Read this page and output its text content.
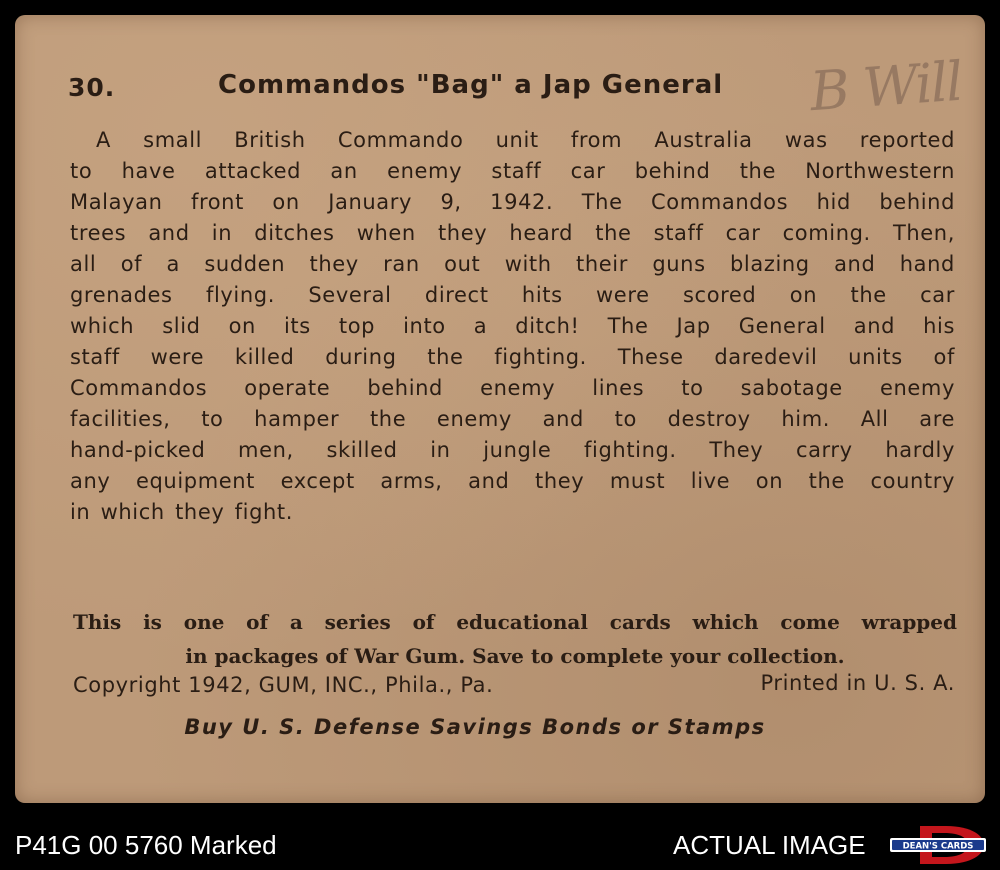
30.	Commandos "Bag" a Jap General B Will

A small British Commando unit from Australia was reported
to have attacked an enemy staff car behind the Northwestern
Malayan front on January 9, 1942. The Commandos hid behind
trees and in ditches when they heard the staff car coming. Then,
all of a sudden they ran out with their guns blazing and hand
grenades flying. Several direct hits were scored on the car
which slid on its top into a ditch! The Jap General and his
staff were killed during the fighting. These daredevil units of
Commandos operate behind enemy lines to sabotage enemy
facilities, to hamper the enemy and to destroy him. All are
hand-picked men, skilled in jungle fighting. They carry hardly
any equipment except arms, and they must live on the country
in which they fight.

This is one of a series of educational cards which come wrapped
in packages of War Gum. Save to complete your collection.
Copyright 1942, GUM, INC., Phila., Pa.	Printed in U. S. A.
Buy U. S. Defense Savings Bonds or Stamps
P41G 00 5760 Marked	ACTUAL IMAGE	DEAN'S CARDS
